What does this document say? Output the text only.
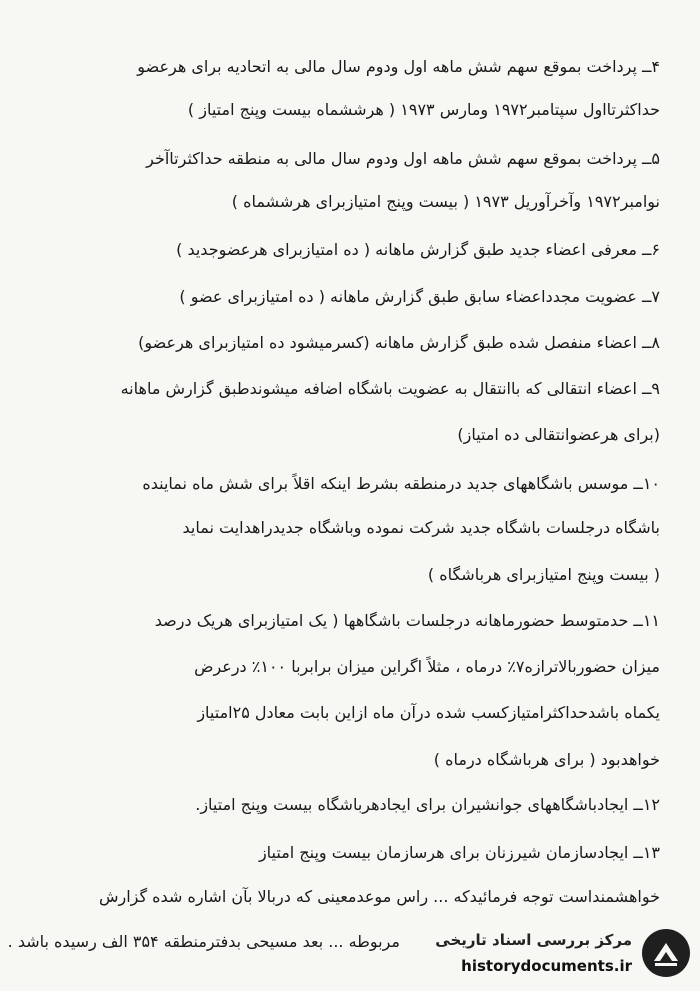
۴ــ پرداخت بموقع سهم شش ماهه اول ودوم سال مالی به اتحادیه برای هرعضو
حداکثرتااول سپتامبر۱۹۷۲ ومارس ۱۹۷۳ ( هرششماه بیست وپنج امتیاز )
۵ــ پرداخت بموقع سهم شش ماهه اول ودوم سال مالی به منطقه حداکثرتاآخر
نوامبر۱۹۷۲ وآخرآوریل ۱۹۷۳ ( بیست وپنج امتیازبرای هرششماه )
۶ــ معرفی اعضاء جدید طبق گزارش ماهانه ( ده امتیازبرای هرعضوجدید )
۷ــ عضویت مجدداعضاء سابق طبق گزارش ماهانه ( ده امتیازبرای عضو )
۸ــ اعضاء منفصل شده طبق گزارش ماهانه (کسرمیشود ده امتیازبرای هرعضو)
۹ــ اعضاء انتقالی که باانتقال به عضویت باشگاه اضافه میشوندطبق گزارش ماهانه
(برای هرعضوانتقالی ده امتیاز)
۱۰ــ موسس باشگاههای جدید درمنطقه بشرط اینکه اقلاً برای شش ماه نماینده
باشگاه درجلسات باشگاه جدید شرکت نموده وباشگاه جدیدراهدایت نماید
( بیست وپنج امتیازبرای هرباشگاه )
۱۱ــ حدمتوسط حضورماهانه درجلسات باشگاهها ( یک امتیازبرای هریک درصد
میزان حضوربالاترازه۷٪ درماه ، مثلاً اگراین میزان برابربا ۱۰۰٪ درعرض
یکماه باشدحداکثرامتیازکسب شده درآن ماه ازاین بابت معادل ۲۵امتیاز
خواهدبود ( برای هرباشگاه درماه )
۱۲ــ ایجادباشگاههای جوانشیران برای ایجادهرباشگاه بیست وپنج امتیاز.
۱۳ــ ایجادسازمان شیرزنان برای هرسازمان بیست وپنج امتیاز
خواهشمنداست توجه فرمائیدکه ... راس موعدمعینی که دربالا بآن اشاره شده گزارش
مربوطه ... بعد مسیحی بدفترمنطقه ۳۵۴ الف رسیده باشد . مرکز بررسی اسناد تاریخی
historydocuments.ir
